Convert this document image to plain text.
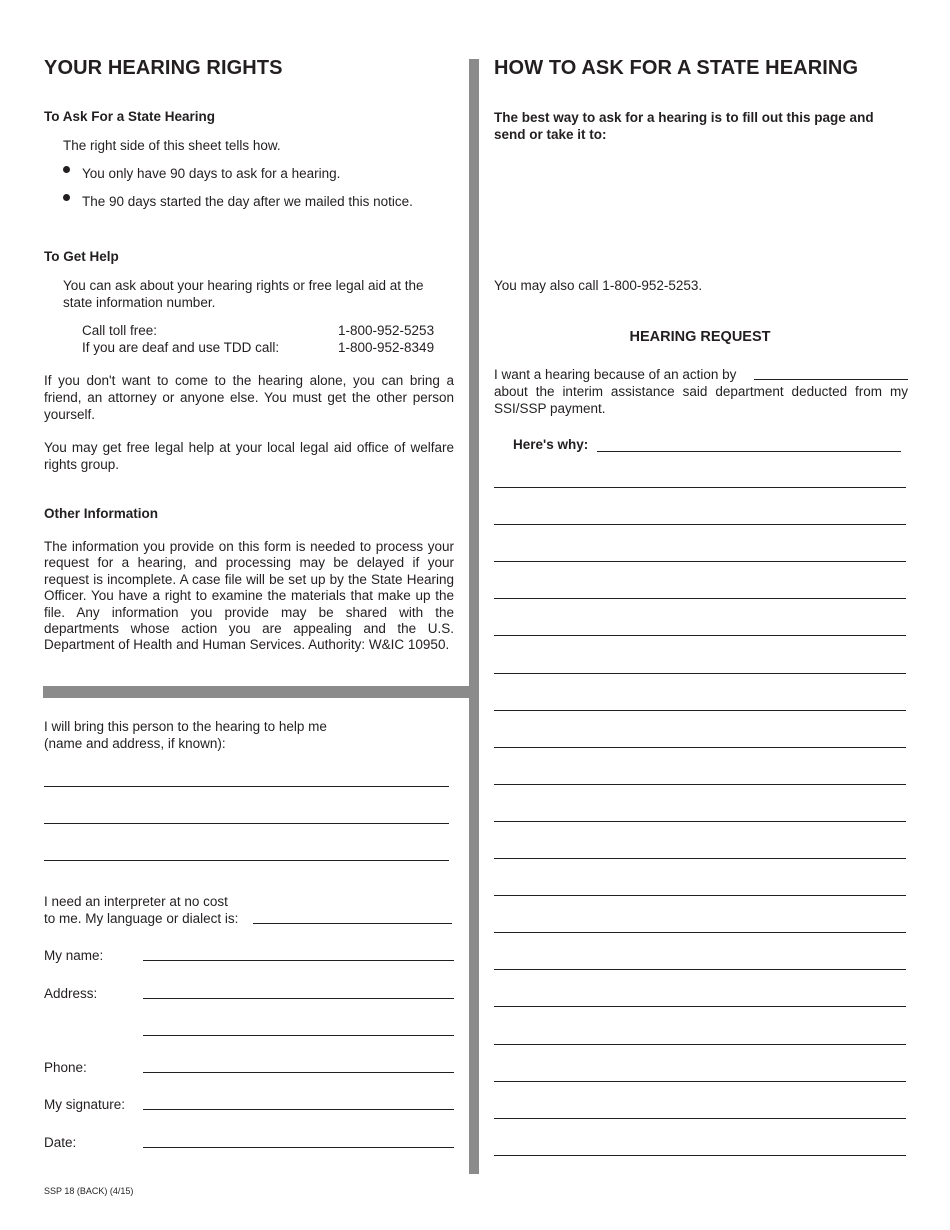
YOUR HEARING RIGHTS
To Ask For a State Hearing
The right side of this sheet tells how.
You only have 90 days to ask for a hearing.
The 90 days started the day after we mailed this notice.
To Get Help
You can ask about your hearing rights or free legal aid at the state information number.
Call toll free:	1-800-952-5253
If you are deaf and use TDD call:	1-800-952-8349
If you don't want to come to the hearing alone, you can bring a friend, an attorney or anyone else. You must get the other person yourself.
You may get free legal help at your local legal aid office of welfare rights group.
Other Information
The information you provide on this form is needed to process your request for a hearing, and processing may be delayed if your request is incomplete. A case file will be set up by the State Hearing Officer. You have a right to examine the materials that make up the file. Any information you provide may be shared with the departments whose action you are appealing and the U.S. Department of Health and Human Services. Authority: W&IC 10950.
I will bring this person to the hearing to help me
(name and address, if known):
I need an interpreter at no cost
to me. My language or dialect is:
My name:
Address:
Phone:
My signature:
Date:
SSP 18 (BACK) (4/15)
HOW TO ASK FOR A STATE HEARING
The best way to ask for a hearing is to fill out this page and send or take it to:
You may also call 1-800-952-5253.
HEARING REQUEST
I want a hearing because of an action by
about the interim assistance said department deducted from my SSI/SSP payment.
Here's why:
